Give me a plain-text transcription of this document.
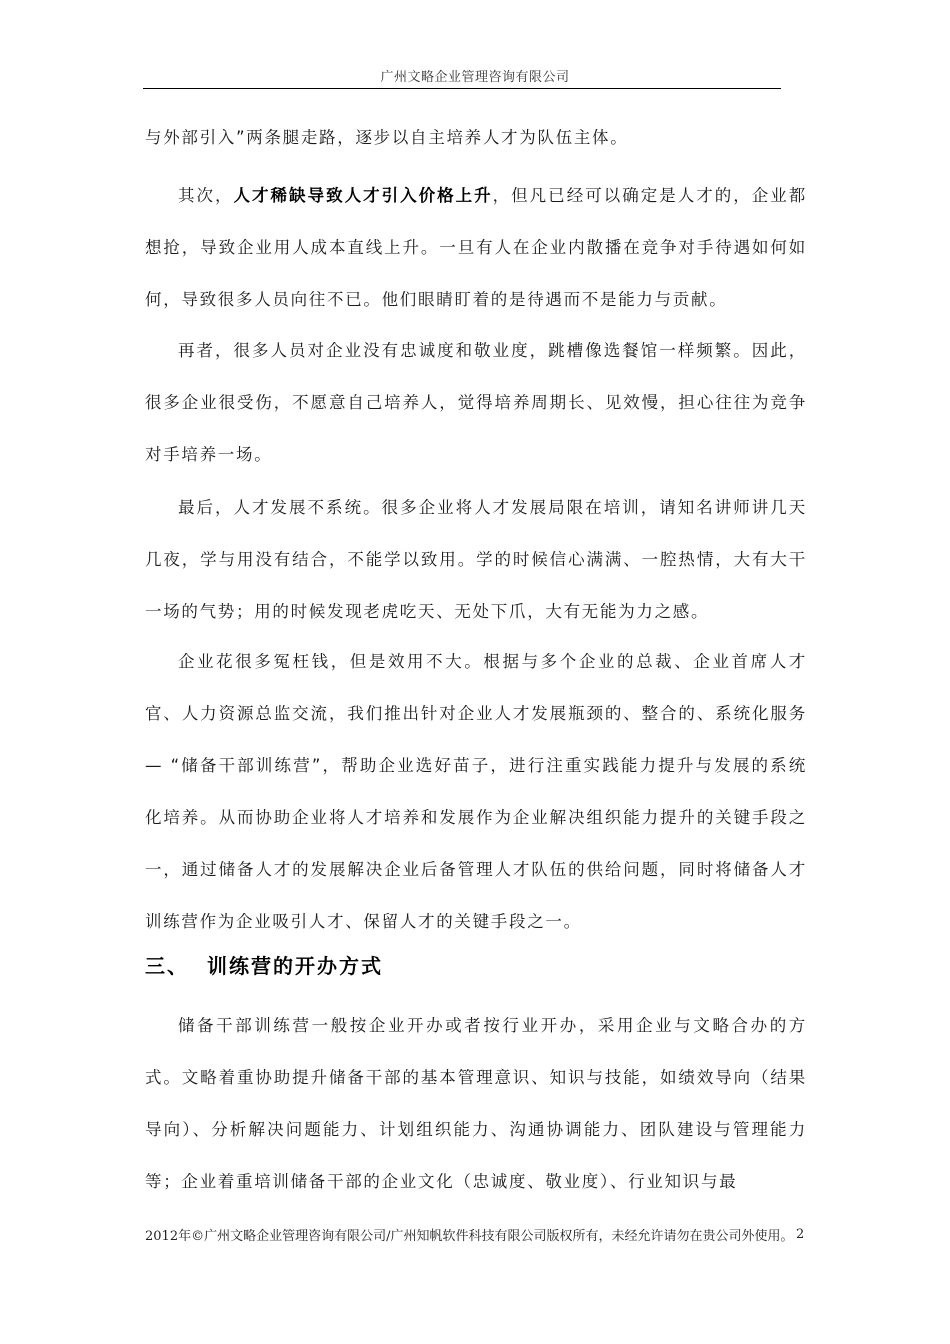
广州文略企业管理咨询有限公司

与外部引入”两条腿走路，逐步以自主培养人才为队伍主体。

其次，人才稀缺导致人才引入价格上升，但凡已经可以确定是人才的，企业都想抢，导致企业用人成本直线上升。一旦有人在企业内散播在竞争对手待遇如何如何，导致很多人员向往不已。他们眼睛盯着的是待遇而不是能力与贡献。

再者，很多人员对企业没有忠诚度和敬业度，跳槽像选餐馆一样频繁。因此，很多企业很受伤，不愿意自己培养人，觉得培养周期长、见效慢，担心往往为竞争对手培养一场。

最后，人才发展不系统。很多企业将人才发展局限在培训，请知名讲师讲几天几夜，学与用没有结合，不能学以致用。学的时候信心满满、一腔热情，大有大干一场的气势；用的时候发现老虎吃天、无处下爪，大有无能为力之感。

企业花很多冤枉钱，但是效用不大。根据与多个企业的总裁、企业首席人才官、人力资源总监交流，我们推出针对企业人才发展瓶颈的、整合的、系统化服务 — “储备干部训练营”，帮助企业选好苗子，进行注重实践能力提升与发展的系统化培养。从而协助企业将人才培养和发展作为企业解决组织能力提升的关键手段之一，通过储备人才的发展解决企业后备管理人才队伍的供给问题，同时将储备人才训练营作为企业吸引人才、保留人才的关键手段之一。

三、 训练营的开办方式

储备干部训练营一般按企业开办或者按行业开办，采用企业与文略合办的方式。文略着重协助提升储备干部的基本管理意识、知识与技能，如绩效导向（结果导向）、分析解决问题能力、计划组织能力、沟通协调能力、团队建设与管理能力等；企业着重培训储备干部的企业文化（忠诚度、敬业度）、行业知识与最

2012年©广州文略企业管理咨询有限公司/广州知帆软件科技有限公司版权所有，未经允许请勿在贵公司外使用。 2
